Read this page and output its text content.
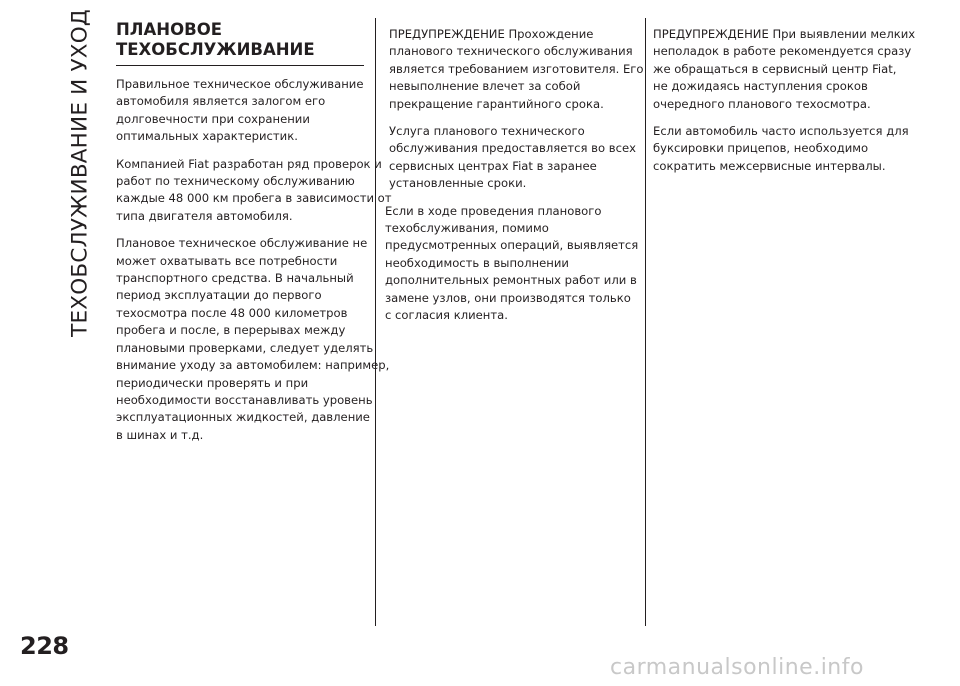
ТЕХОБСЛУЖИВАНИЕ И УХОД ПЛАНОВОЕ
ТЕХОБСЛУЖИВАНИЕ

Правильное техническое обслуживание
автомобиля является залогом его
долговечности при сохранении
оптимальных характеристик.

Компанией Fiat разработан ряд проверок и
работ по техническому обслуживанию
каждые 48 000 км пробега в зависимости от
типа двигателя автомобиля.

Плановое техническое обслуживание не
может охватывать все потребности
транспортного средства. В начальный
период эксплуатации до первого
техосмотра после 48 000 километров
пробега и после, в перерывах между
плановыми проверками, следует уделять
внимание уходу за автомобилем: например,
периодически проверять и при
необходимости восстанавливать уровень
эксплуатационных жидкостей, давление
в шинах и т.д.

ПРЕДУПРЕЖДЕНИЕ Прохождение
планового технического обслуживания
является требованием изготовителя. Его
невыполнение влечет за собой
прекращение гарантийного срока.

Услуга планового технического
обслуживания предоставляется во всех
сервисных центрах Fiat в заранее
установленные сроки.

Если в ходе проведения планового
техобслуживания, помимо
предусмотренных операций, выявляется
необходимость в выполнении
дополнительных ремонтных работ или в
замене узлов, они производятся только
с согласия клиента.

ПРЕДУПРЕЖДЕНИЕ При выявлении мелких
неполадок в работе рекомендуется сразу
же обращаться в сервисный центр Fiat,
не дожидаясь наступления сроков
очередного планового техосмотра.

Если автомобиль часто используется для
буксировки прицепов, необходимо
сократить межсервисные интервалы.

228
carmanualsonline.info
